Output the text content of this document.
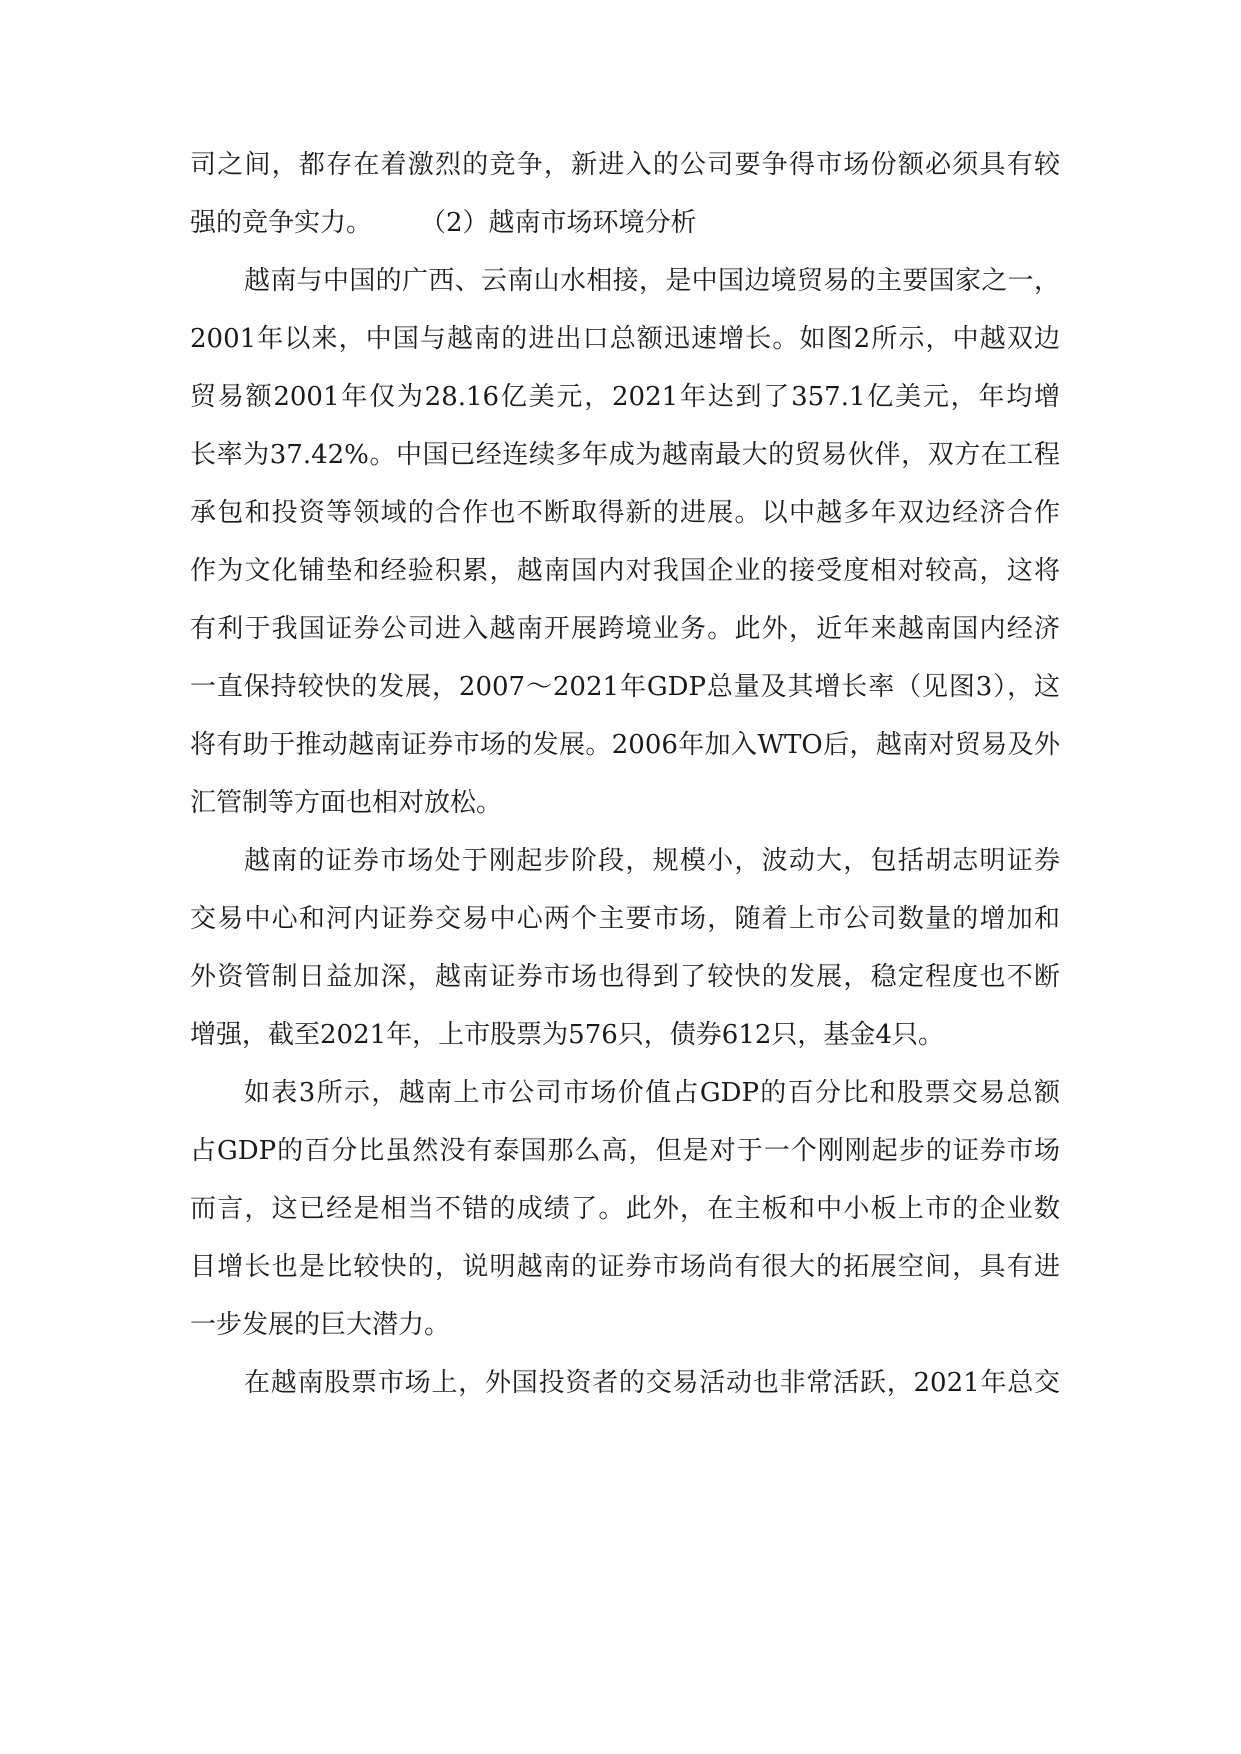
司之间，都存在着激烈的竞争，新进入的公司要争得市场份额必须具有较
强的竞争实力。	（2）越南市场环境分析
越南与中国的广西、云南山水相接，是中国边境贸易的主要国家之一，
2001年以来，中国与越南的进出口总额迅速增长。如图2所示，中越双边
贸易额2001年仅为28.16亿美元，2021年达到了357.1亿美元，年均增
长率为37.42%。中国已经连续多年成为越南最大的贸易伙伴，双方在工程
承包和投资等领域的合作也不断取得新的进展。以中越多年双边经济合作
作为文化铺垫和经验积累，越南国内对我国企业的接受度相对较高，这将
有利于我国证券公司进入越南开展跨境业务。此外，近年来越南国内经济
一直保持较快的发展，2007～2021年GDP总量及其增长率（见图3），这
将有助于推动越南证券市场的发展。2006年加入WTO后，越南对贸易及外
汇管制等方面也相对放松。
越南的证券市场处于刚起步阶段，规模小，波动大，包括胡志明证券
交易中心和河内证券交易中心两个主要市场，随着上市公司数量的增加和
外资管制日益加深，越南证券市场也得到了较快的发展，稳定程度也不断
增强，截至2021年，上市股票为576只，债券612只，基金4只。
如表3所示，越南上市公司市场价值占GDP的百分比和股票交易总额
占GDP的百分比虽然没有泰国那么高，但是对于一个刚刚起步的证券市场
而言，这已经是相当不错的成绩了。此外，在主板和中小板上市的企业数
目增长也是比较快的，说明越南的证券市场尚有很大的拓展空间，具有进
一步发展的巨大潜力。
在越南股票市场上，外国投资者的交易活动也非常活跃，2021年总交
